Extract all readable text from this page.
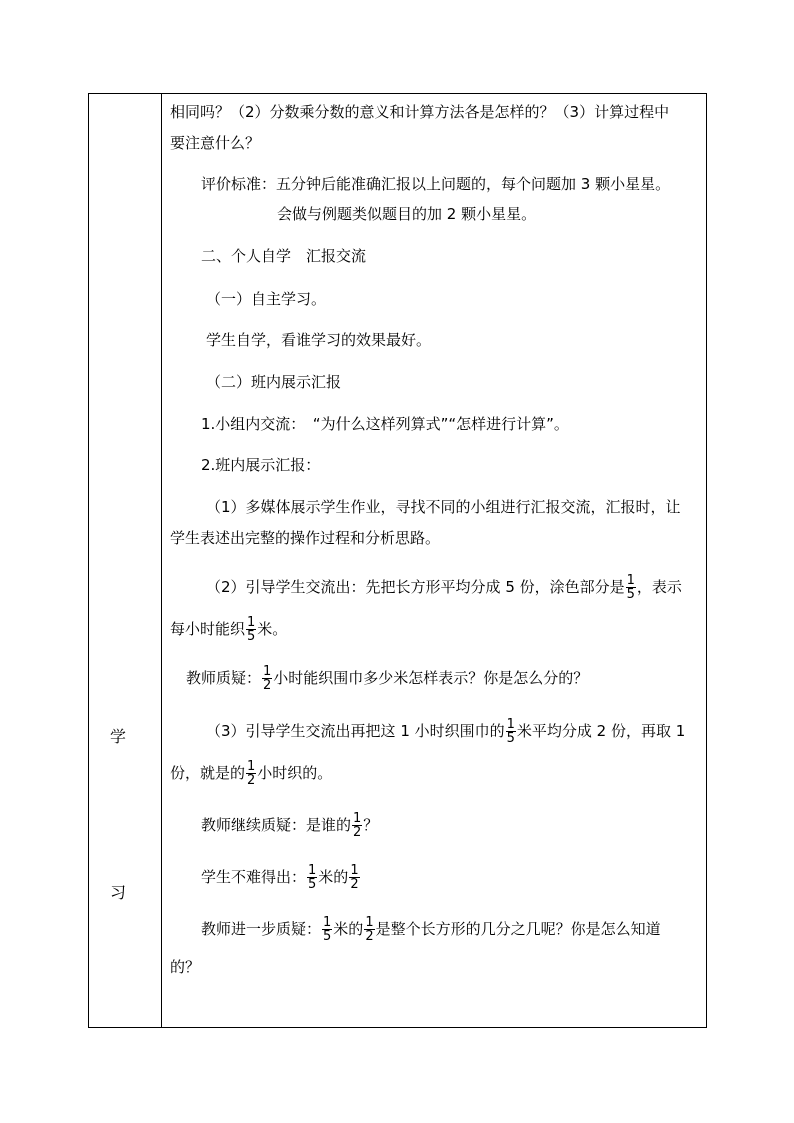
学
习
相同吗？（2）分数乘分数的意义和计算方法各是怎样的？（3）计算过程中
要注意什么？
评价标准：五分钟后能准确汇报以上问题的，每个问题加 3 颗小星星。
会做与例题类似题目的加 2 颗小星星。
二、个人自学　汇报交流
（一）自主学习。
学生自学，看谁学习的效果最好。
（二）班内展示汇报
1.小组内交流：　“为什么这样列算式”“怎样进行计算”。
2.班内展示汇报：
（1）多媒体展示学生作业，寻找不同的小组进行汇报交流，汇报时，让
学生表述出完整的操作过程和分析思路。
（2）引导学生交流出：先把长方形平均分成 5 份，涂色部分是 $\frac{1}{5}$ ，表示
每小时能织 $\frac{1}{5}$ 米。
教师质疑： $\frac{1}{2}$ 小时能织围巾多少米怎样表示？你是怎么分的？
（3）引导学生交流出再把这 1 小时织围巾的 $\frac{1}{5}$ 米平均分成 2 份，再取 1
份，就是的 $\frac{1}{2}$ 小时织的。
教师继续质疑：是谁的 $\frac{1}{2}$ ？
学生不难得出： $\frac{1}{5}$ 米的 $\frac{1}{2}$
教师进一步质疑： $\frac{1}{5}$ 米的 $\frac{1}{2}$ 是整个长方形的几分之几呢？你是怎么知道
的？
